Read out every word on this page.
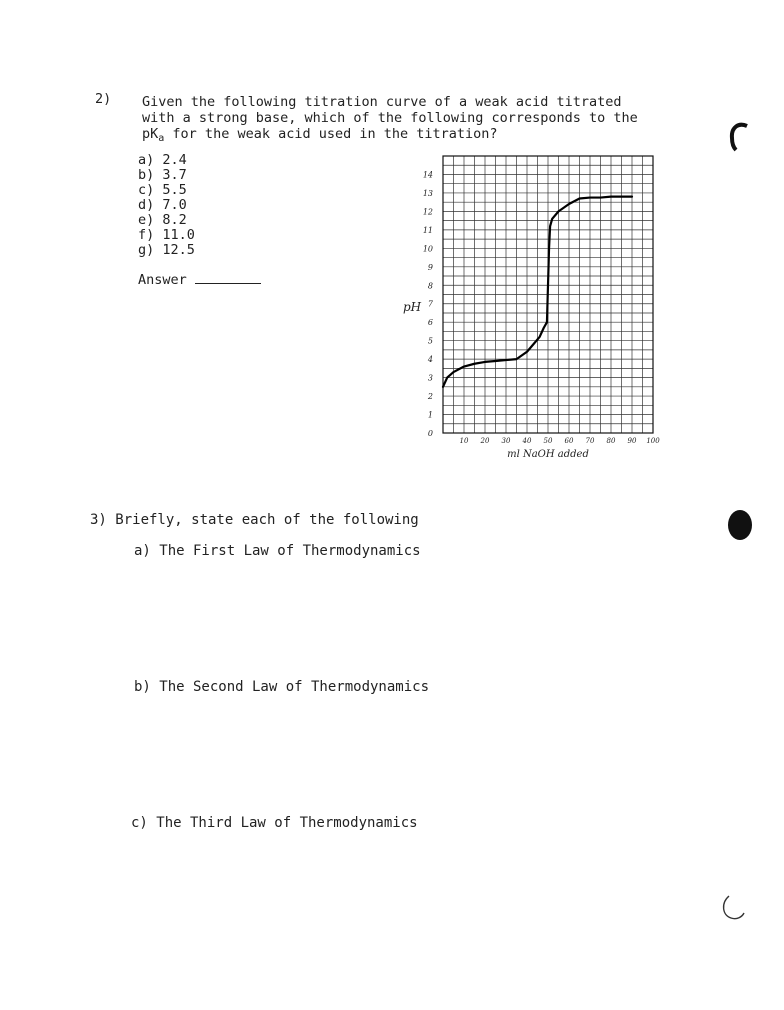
2) Given the following titration curve of a weak acid titrated
with a strong base, which of the following corresponds to the
$pK_a$ for the weak acid used in the titration?
a) 2.4
b) 3.7
c) 5.5
d) 7.0
e) 8.2
f) 11.0
g) 12.5
Answer
0
1
2
3
4
5
6
7
8
9
10
11
12
13
14
10 20 30 40 50 60 70 80 90 100
pH
ml NaOH added
3) Briefly, state each of the following
a) The First Law of Thermodynamics
b) The Second Law of Thermodynamics
c) The Third Law of Thermodynamics
